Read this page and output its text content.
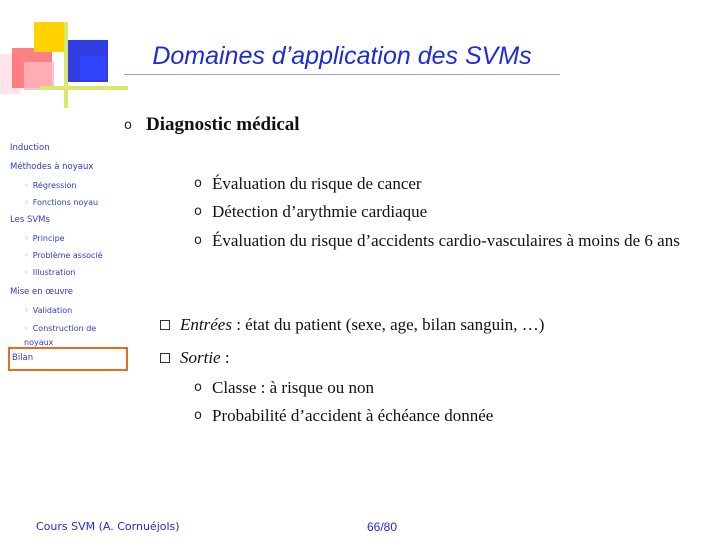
Domaines d’application des SVMs
Induction
Méthodes à noyaux
◦ Régression
◦ Fonctions noyau
Les SVMs
◦ Principe
◦ Problème associé
◦ Illustration
Mise en œuvre
◦ Validation
◦ Construction de noyaux
Bilan
o Diagnostic médical
o Évaluation du risque de cancer
o Détection d’arythmie cardiaque
o Évaluation du risque d’accidents cardio-vasculaires à moins de 6 ans
Entrées : état du patient (sexe, age, bilan sanguin, …)
Sortie :
o Classe : à risque ou non
o Probabilité d’accident à échéance donnée
Cours SVM (A. Cornuéjols)	66/80
